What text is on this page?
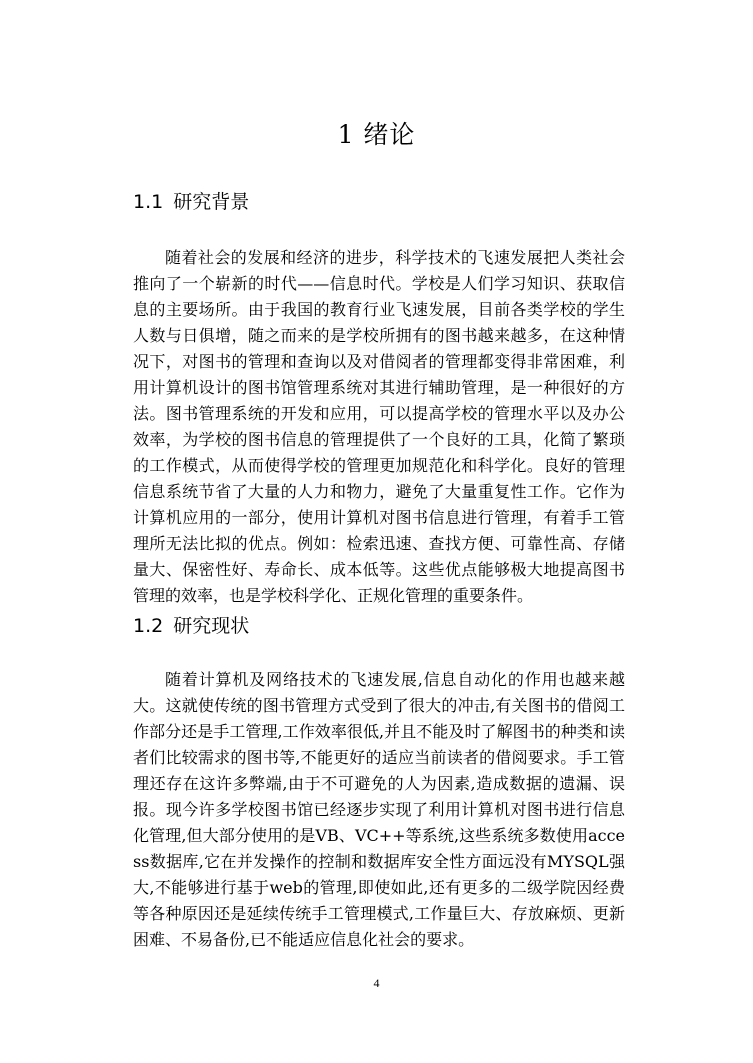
1 绪论
1.1 研究背景

随着社会的发展和经济的进步，科学技术的飞速发展把人类社会推向了一个崭新的时代——信息时代。学校是人们学习知识、获取信息的主要场所。由于我国的教育行业飞速发展，目前各类学校的学生人数与日俱增，随之而来的是学校所拥有的图书越来越多，在这种情况下，对图书的管理和查询以及对借阅者的管理都变得非常困难，利用计算机设计的图书馆管理系统对其进行辅助管理，是一种很好的方法。图书管理系统的开发和应用，可以提高学校的管理水平以及办公效率，为学校的图书信息的管理提供了一个良好的工具，化简了繁琐的工作模式，从而使得学校的管理更加规范化和科学化。良好的管理信息系统节省了大量的人力和物力，避免了大量重复性工作。它作为计算机应用的一部分，使用计算机对图书信息进行管理，有着手工管理所无法比拟的优点。例如：检索迅速、查找方便、可靠性高、存储量大、保密性好、寿命长、成本低等。这些优点能够极大地提高图书管理的效率，也是学校科学化、正规化管理的重要条件。

1.2 研究现状

随着计算机及网络技术的飞速发展,信息自动化的作用也越来越大。这就使传统的图书管理方式受到了很大的冲击,有关图书的借阅工作部分还是手工管理,工作效率很低,并且不能及时了解图书的种类和读者们比较需求的图书等,不能更好的适应当前读者的借阅要求。手工管理还存在这许多弊端,由于不可避免的人为因素,造成数据的遗漏、误报。现今许多学校图书馆已经逐步实现了利用计算机对图书进行信息化管理,但大部分使用的是VB、VC++等系统,这些系统多数使用access数据库,它在并发操作的控制和数据库安全性方面远没有MYSQL强大,不能够进行基于web的管理,即使如此,还有更多的二级学院因经费等各种原因还是延续传统手工管理模式,工作量巨大、存放麻烦、更新困难、不易备份,已不能适应信息化社会的要求。

4
